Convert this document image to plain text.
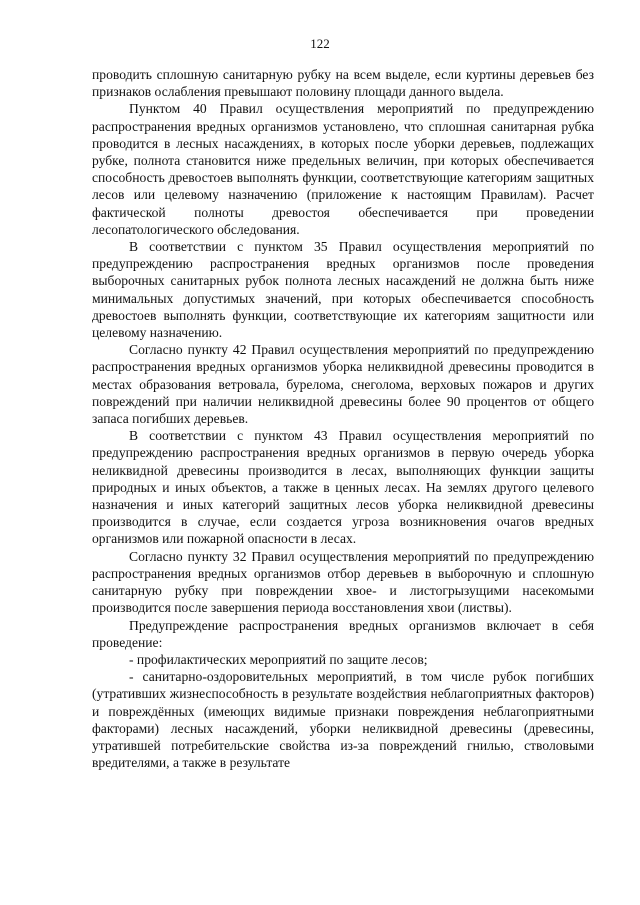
122

проводить сплошную санитарную рубку на всем выделе, если куртины деревьев без признаков ослабления превышают половину площади данного выдела.

Пунктом 40 Правил осуществления мероприятий по предупреждению распространения вредных организмов установлено, что сплошная санитарная рубка проводится в лесных насаждениях, в которых после уборки деревьев, подлежащих рубке, полнота становится ниже предельных величин, при которых обеспечивается способность древостоев выполнять функции, соответствующие категориям защитных лесов или целевому назначению (приложение к настоящим Правилам). Расчет фактической полноты древостоя обеспечивается при проведении лесопатологического обследования.

В соответствии с пунктом 35 Правил осуществления мероприятий по предупреждению распространения вредных организмов после проведения выборочных санитарных рубок полнота лесных насаждений не должна быть ниже минимальных допустимых значений, при которых обеспечивается способность древостоев выполнять функции, соответствующие их категориям защитности или целевому назначению.

Согласно пункту 42 Правил осуществления мероприятий по предупреждению распространения вредных организмов уборка неликвидной древесины проводится в местах образования ветровала, бурелома, снеголома, верховых пожаров и других повреждений при наличии неликвидной древесины более 90 процентов от общего запаса погибших деревьев.

В соответствии с пунктом 43 Правил осуществления мероприятий по предупреждению распространения вредных организмов в первую очередь уборка неликвидной древесины производится в лесах, выполняющих функции защиты природных и иных объектов, а также в ценных лесах. На землях другого целевого назначения и иных категорий защитных лесов уборка неликвидной древесины производится в случае, если создается угроза возникновения очагов вредных организмов или пожарной опасности в лесах.

Согласно пункту 32 Правил осуществления мероприятий по предупреждению распространения вредных организмов отбор деревьев в выборочную и сплошную санитарную рубку при повреждении хвое- и листогрызущими насекомыми производится после завершения периода восстановления хвои (листвы).

Предупреждение распространения вредных организмов включает в себя проведение:

- профилактических мероприятий по защите лесов;

- санитарно-оздоровительных мероприятий, в том числе рубок погибших (утративших жизнеспособность в результате воздействия неблагоприятных факторов) и повреждённых (имеющих видимые признаки повреждения неблагоприятными факторами) лесных насаждений, уборки неликвидной древесины (древесины, утратившей потребительские свойства из-за повреждений гнилью, стволовыми вредителями, а также в результате
